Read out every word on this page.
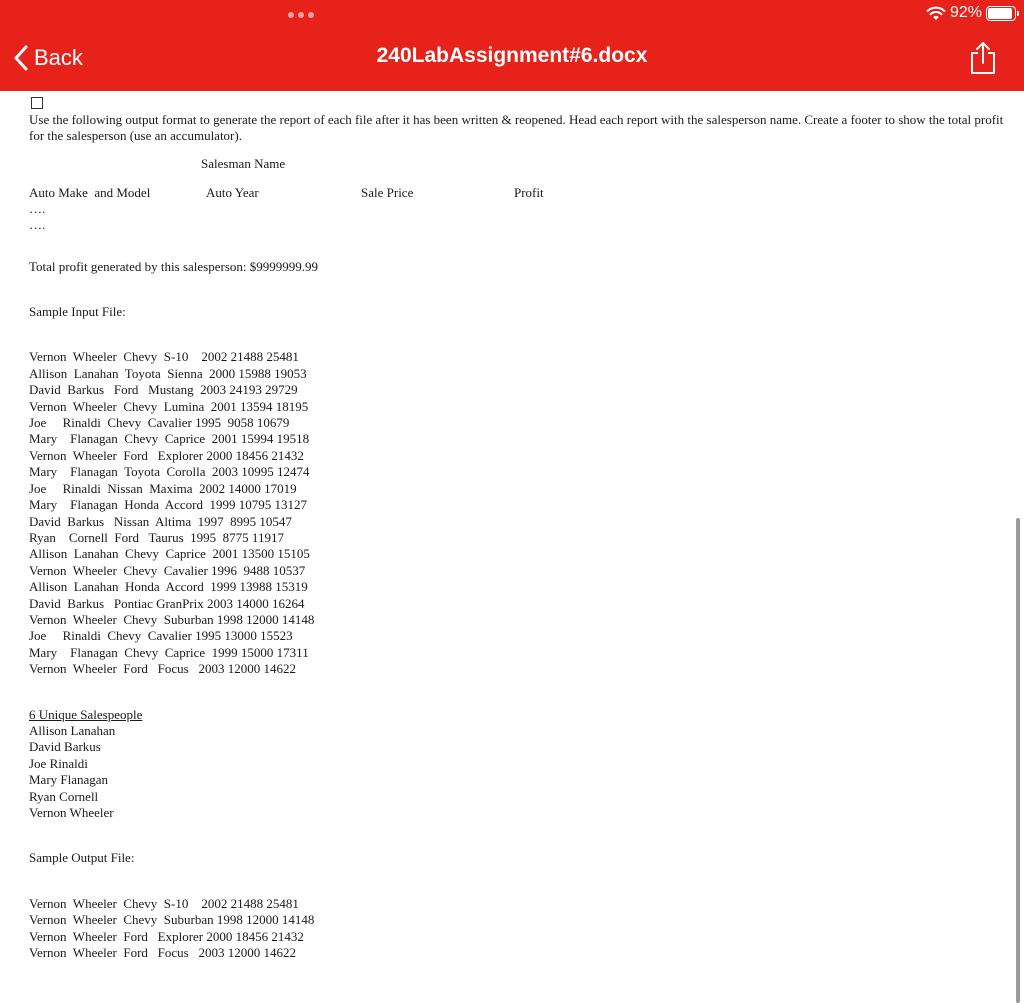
92%
Back	240LabAssignment#6.docx
Use the following output format to generate the report of each file after it has been written & reopened. Head each report with the salesperson name. Create a footer to show the total profit for the salesperson (use an accumulator).
Salesman Name
Auto Make  and Model	Auto Year	Sale Price	Profit
….
….
Total profit generated by this salesperson: $9999999.99
Sample Input File:
Vernon  Wheeler  Chevy  S-10    2002 21488 25481
Allison  Lanahan  Toyota  Sienna  2000 15988 19053
David  Barkus   Ford   Mustang  2003 24193 29729
Vernon  Wheeler  Chevy  Lumina  2001 13594 18195
Joe     Rinaldi  Chevy  Cavalier 1995  9058 10679
Mary    Flanagan  Chevy  Caprice  2001 15994 19518
Vernon  Wheeler  Ford   Explorer 2000 18456 21432
Mary    Flanagan  Toyota  Corolla  2003 10995 12474
Joe     Rinaldi  Nissan  Maxima  2002 14000 17019
Mary    Flanagan  Honda  Accord  1999 10795 13127
David  Barkus   Nissan  Altima  1997  8995 10547
Ryan    Cornell  Ford   Taurus  1995  8775 11917
Allison  Lanahan  Chevy  Caprice  2001 13500 15105
Vernon  Wheeler  Chevy  Cavalier 1996  9488 10537
Allison  Lanahan  Honda  Accord  1999 13988 15319
David  Barkus   Pontiac GranPrix 2003 14000 16264
Vernon  Wheeler  Chevy  Suburban 1998 12000 14148
Joe     Rinaldi  Chevy  Cavalier 1995 13000 15523
Mary    Flanagan  Chevy  Caprice  1999 15000 17311
Vernon  Wheeler  Ford   Focus   2003 12000 14622
6 Unique Salespeople
Allison Lanahan
David Barkus
Joe Rinaldi
Mary Flanagan
Ryan Cornell
Vernon Wheeler
Sample Output File:
Vernon  Wheeler  Chevy  S-10    2002 21488 25481
Vernon  Wheeler  Chevy  Suburban 1998 12000 14148
Vernon  Wheeler  Ford   Explorer 2000 18456 21432
Vernon  Wheeler  Ford   Focus   2003 12000 14622
